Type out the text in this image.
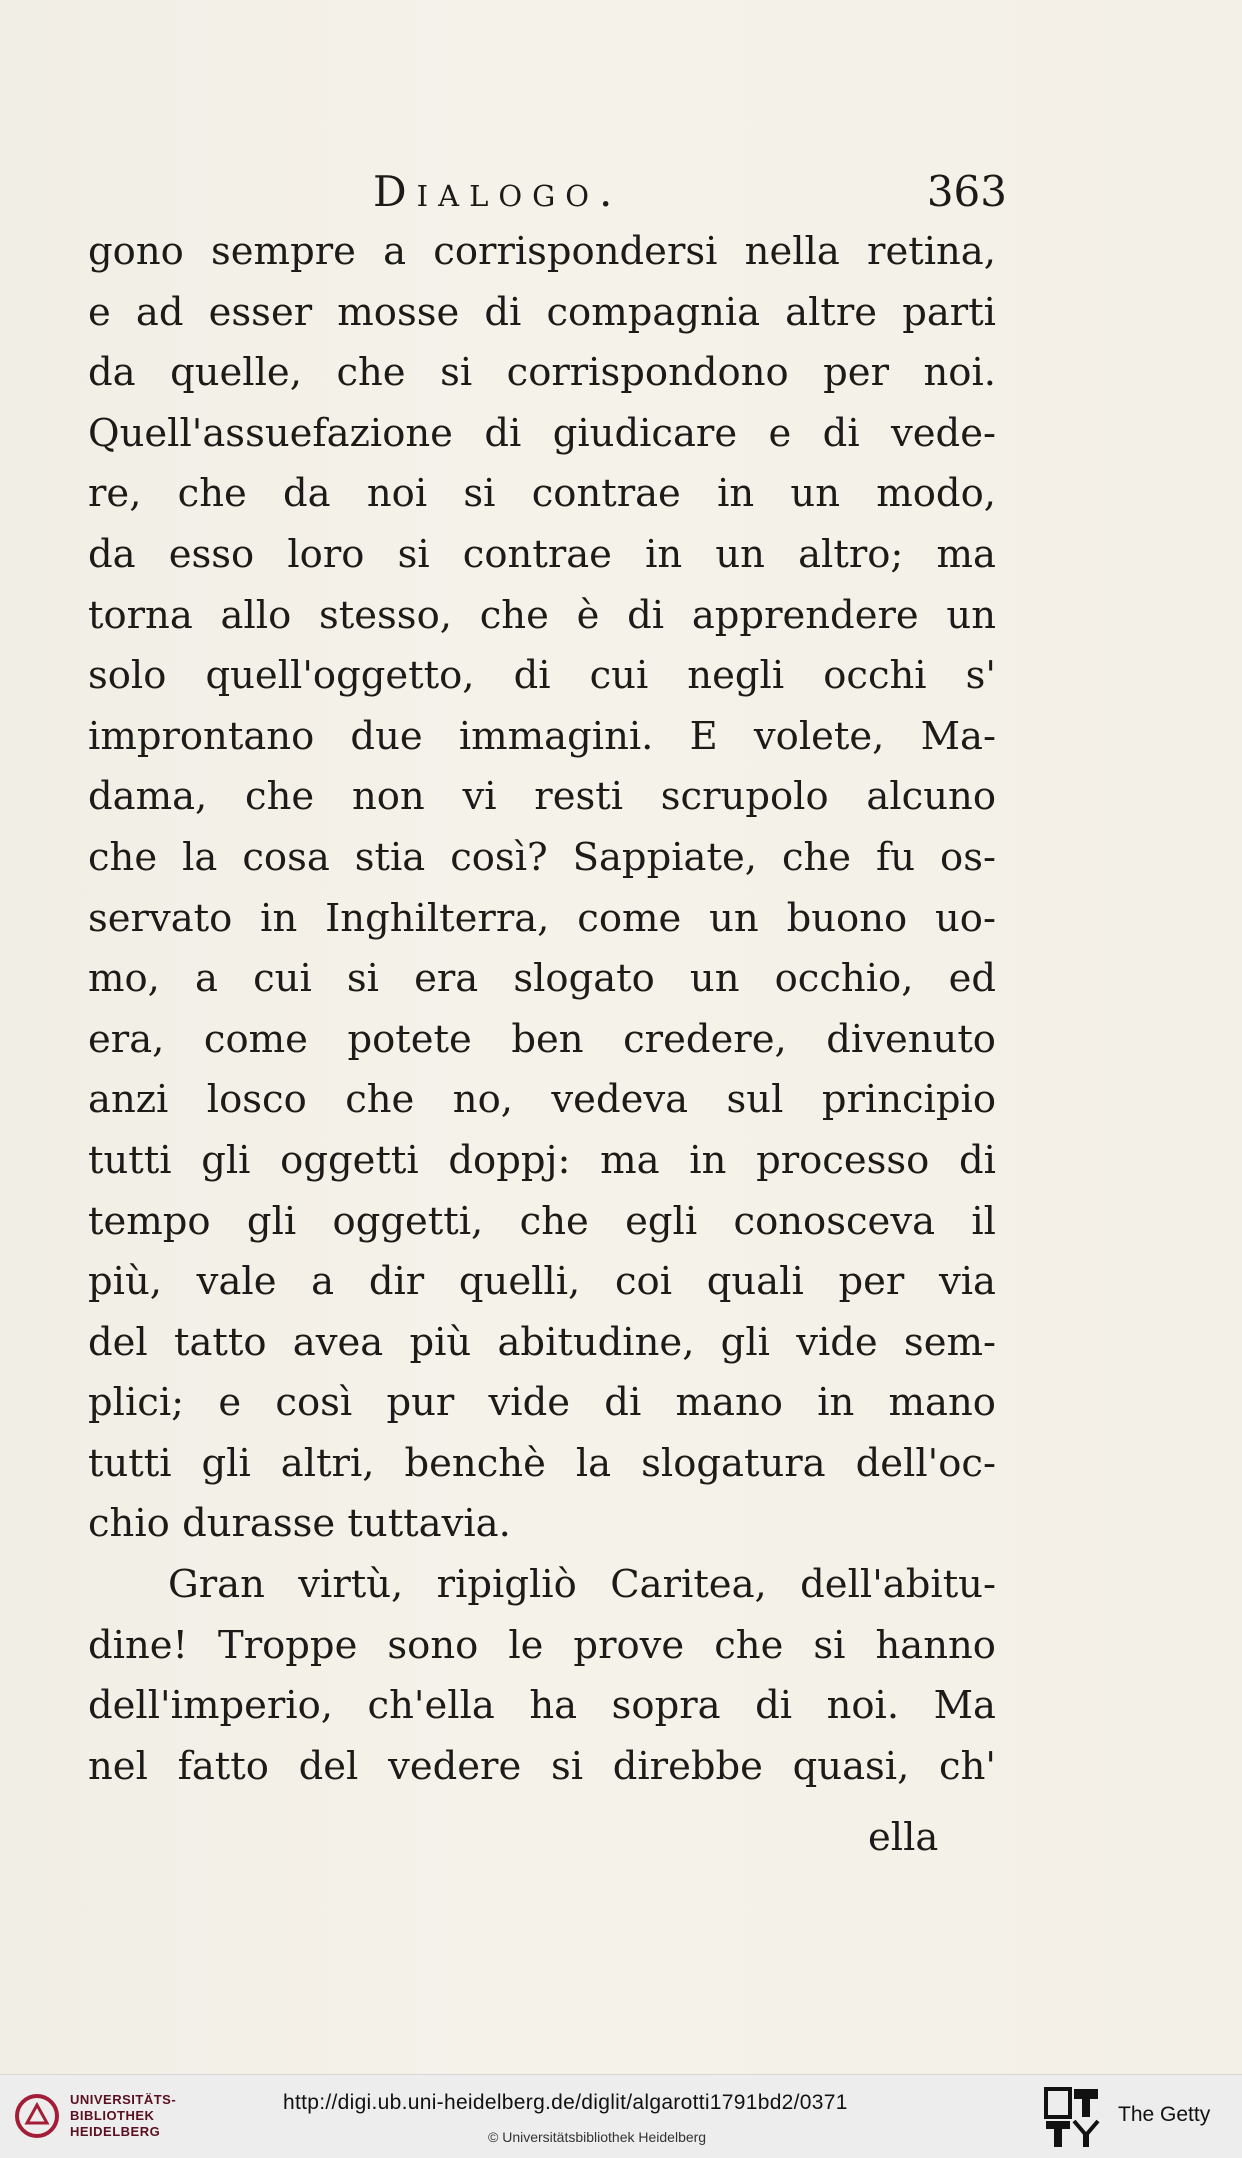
Dialogo.	363
gono sempre a corrispondersi nella retina,
e ad esser mosse di compagnia altre parti
da quelle, che si corrispondono per noi.
Quell'assuefazione di giudicare e di vede-
re, che da noi si contrae in un modo,
da esso loro si contrae in un altro; ma
torna allo stesso, che è di apprendere un
solo quell'oggetto, di cui negli occhi s'
improntano due immagini. E volete, Ma-
dama, che non vi resti scrupolo alcuno
che la cosa stia così? Sappiate, che fu os-
servato in Inghilterra, come un buono uo-
mo, a cui si era slogato un occhio, ed
era, come potete ben credere, divenuto
anzi losco che no, vedeva sul principio
tutti gli oggetti doppj: ma in processo di
tempo gli oggetti, che egli conosceva il
più, vale a dir quelli, coi quali per via
del tatto avea più abitudine, gli vide sem-
plici; e così pur vide di mano in mano
tutti gli altri, benchè la slogatura dell'oc-
chio durasse tuttavia.
Gran virtù, ripigliò Caritea, dell'abitu-
dine! Troppe sono le prove che si hanno
dell'imperio, ch'ella ha sopra di noi. Ma
nel fatto del vedere si direbbe quasi, ch'
ella
UNIVERSITÄTS-
BIBLIOTHEK
HEIDELBERG
http://digi.ub.uni-heidelberg.de/diglit/algarotti1791bd2/0371
© Universitätsbibliothek Heidelberg
The Getty
